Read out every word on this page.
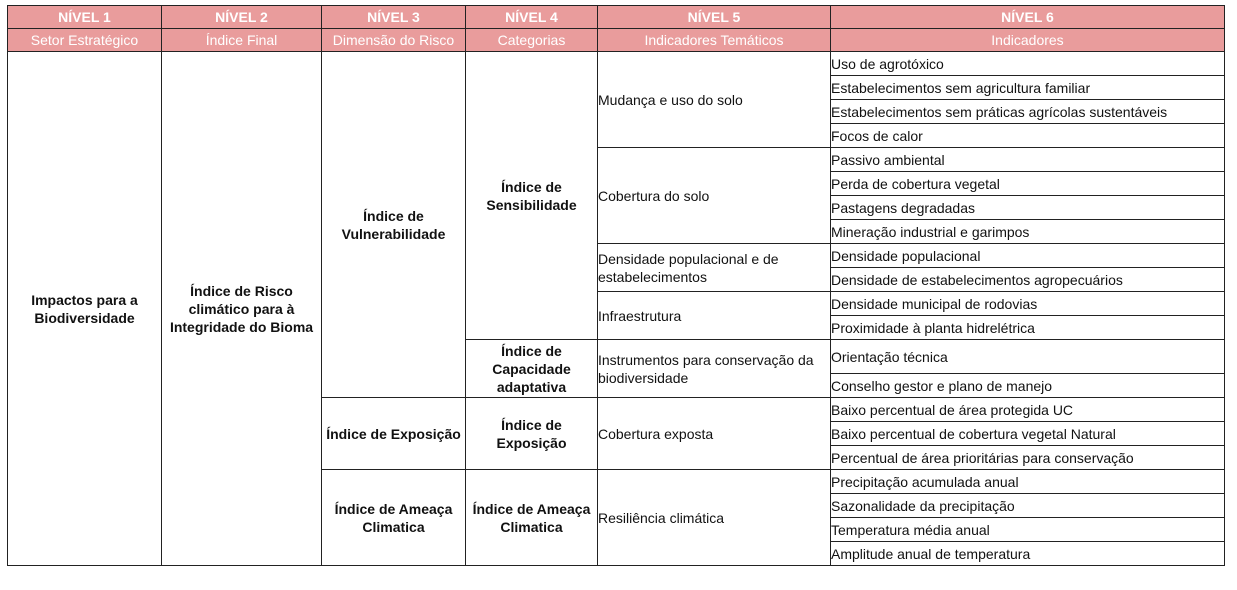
NÍVEL 1	NÍVEL 2	NÍVEL 3	NÍVEL 4	NÍVEL 5	NÍVEL 6
Setor Estratégico	Índice Final	Dimensão do Risco	Categorias	Indicadores Temáticos	Indicadores
Impactos para a Biodiversidade	Índice de Risco climático para à Integridade do Bioma	Índice de Vulnerabilidade	Índice de Sensibilidade	Mudança e uso do solo	Uso de agrotóxico
					Estabelecimentos sem agricultura familiar
					Estabelecimentos sem práticas agrícolas sustentáveis
					Focos de calor
				Cobertura do solo	Passivo ambiental
					Perda de cobertura vegetal
					Pastagens degradadas
					Mineração industrial e garimpos
				Densidade populacional e de estabelecimentos	Densidade populacional
					Densidade de estabelecimentos agropecuários
				Infraestrutura	Densidade municipal de rodovias
					Proximidade à planta hidrelétrica
			Índice de Capacidade adaptativa	Instrumentos para conservação da biodiversidade	Orientação técnica
					Conselho gestor e plano de manejo
		Índice de Exposição	Índice de Exposição	Cobertura exposta	Baixo percentual de área protegida UC
					Baixo percentual de cobertura vegetal Natural
					Percentual de área prioritárias para conservação
		Índice de Ameaça Climatica	Índice de Ameaça Climatica	Resiliência climática	Precipitação acumulada anual
					Sazonalidade da precipitação
					Temperatura média anual
					Amplitude anual de temperatura
